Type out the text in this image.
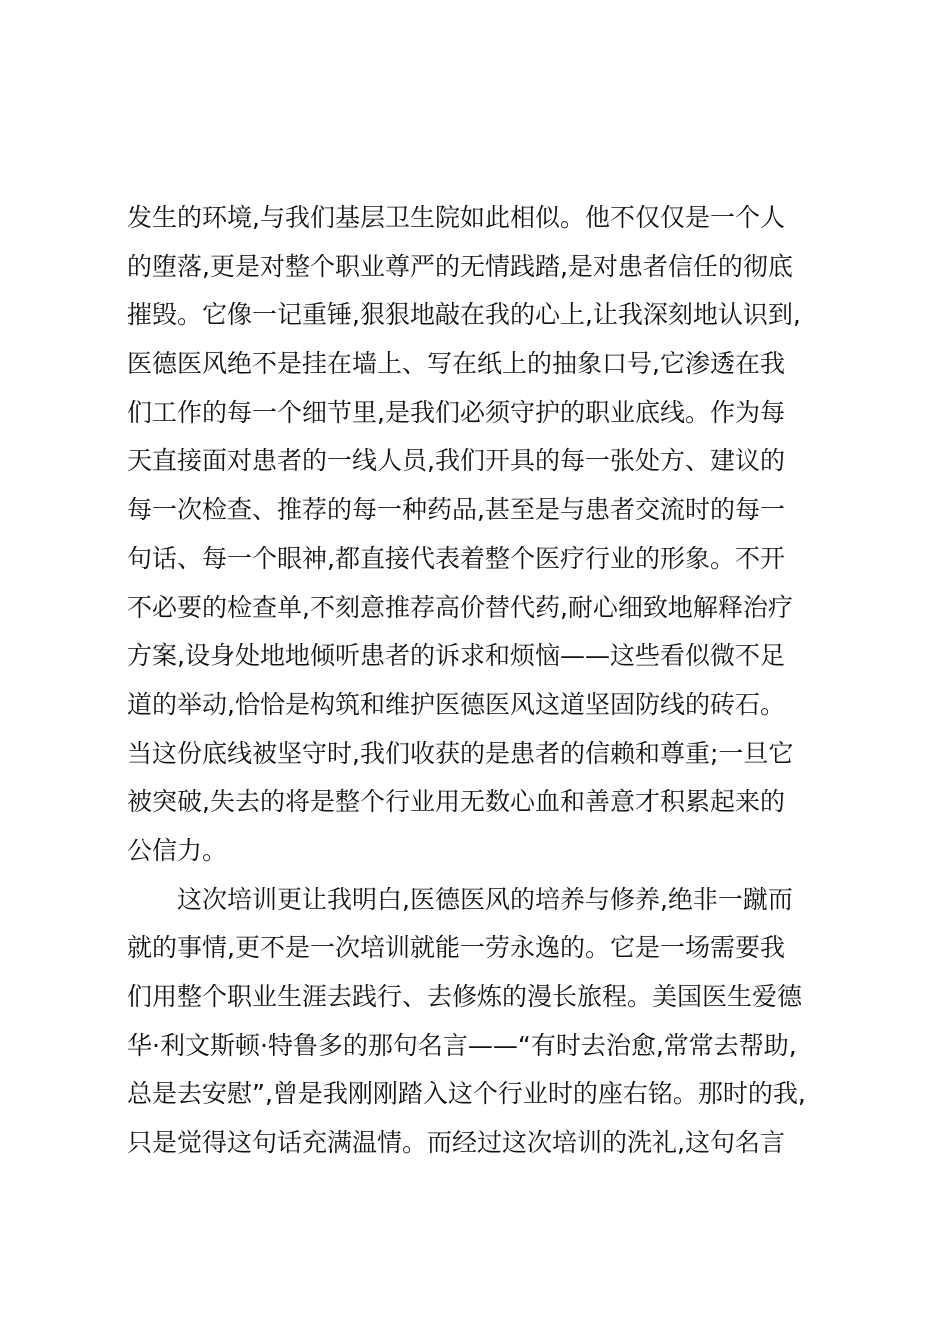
发生的环境,与我们基层卫生院如此相似。他不仅仅是一个人
的堕落,更是对整个职业尊严的无情践踏,是对患者信任的彻底
摧毁。它像一记重锤,狠狠地敲在我的心上,让我深刻地认识到,
医德医风绝不是挂在墙上、写在纸上的抽象口号,它渗透在我
们工作的每一个细节里,是我们必须守护的职业底线。作为每
天直接面对患者的一线人员,我们开具的每一张处方、建议的
每一次检查、推荐的每一种药品,甚至是与患者交流时的每一
句话、每一个眼神,都直接代表着整个医疗行业的形象。不开
不必要的检查单,不刻意推荐高价替代药,耐心细致地解释治疗
方案,设身处地地倾听患者的诉求和烦恼——这些看似微不足
道的举动,恰恰是构筑和维护医德医风这道坚固防线的砖石。
当这份底线被坚守时,我们收获的是患者的信赖和尊重;一旦它
被突破,失去的将是整个行业用无数心血和善意才积累起来的
公信力。
这次培训更让我明白,医德医风的培养与修养,绝非一蹴而
就的事情,更不是一次培训就能一劳永逸的。它是一场需要我
们用整个职业生涯去践行、去修炼的漫长旅程。美国医生爱德
华·利文斯顿·特鲁多的那句名言——“有时去治愈,常常去帮助,
总是去安慰”,曾是我刚刚踏入这个行业时的座右铭。那时的我,
只是觉得这句话充满温情。而经过这次培训的洗礼,这句名言
